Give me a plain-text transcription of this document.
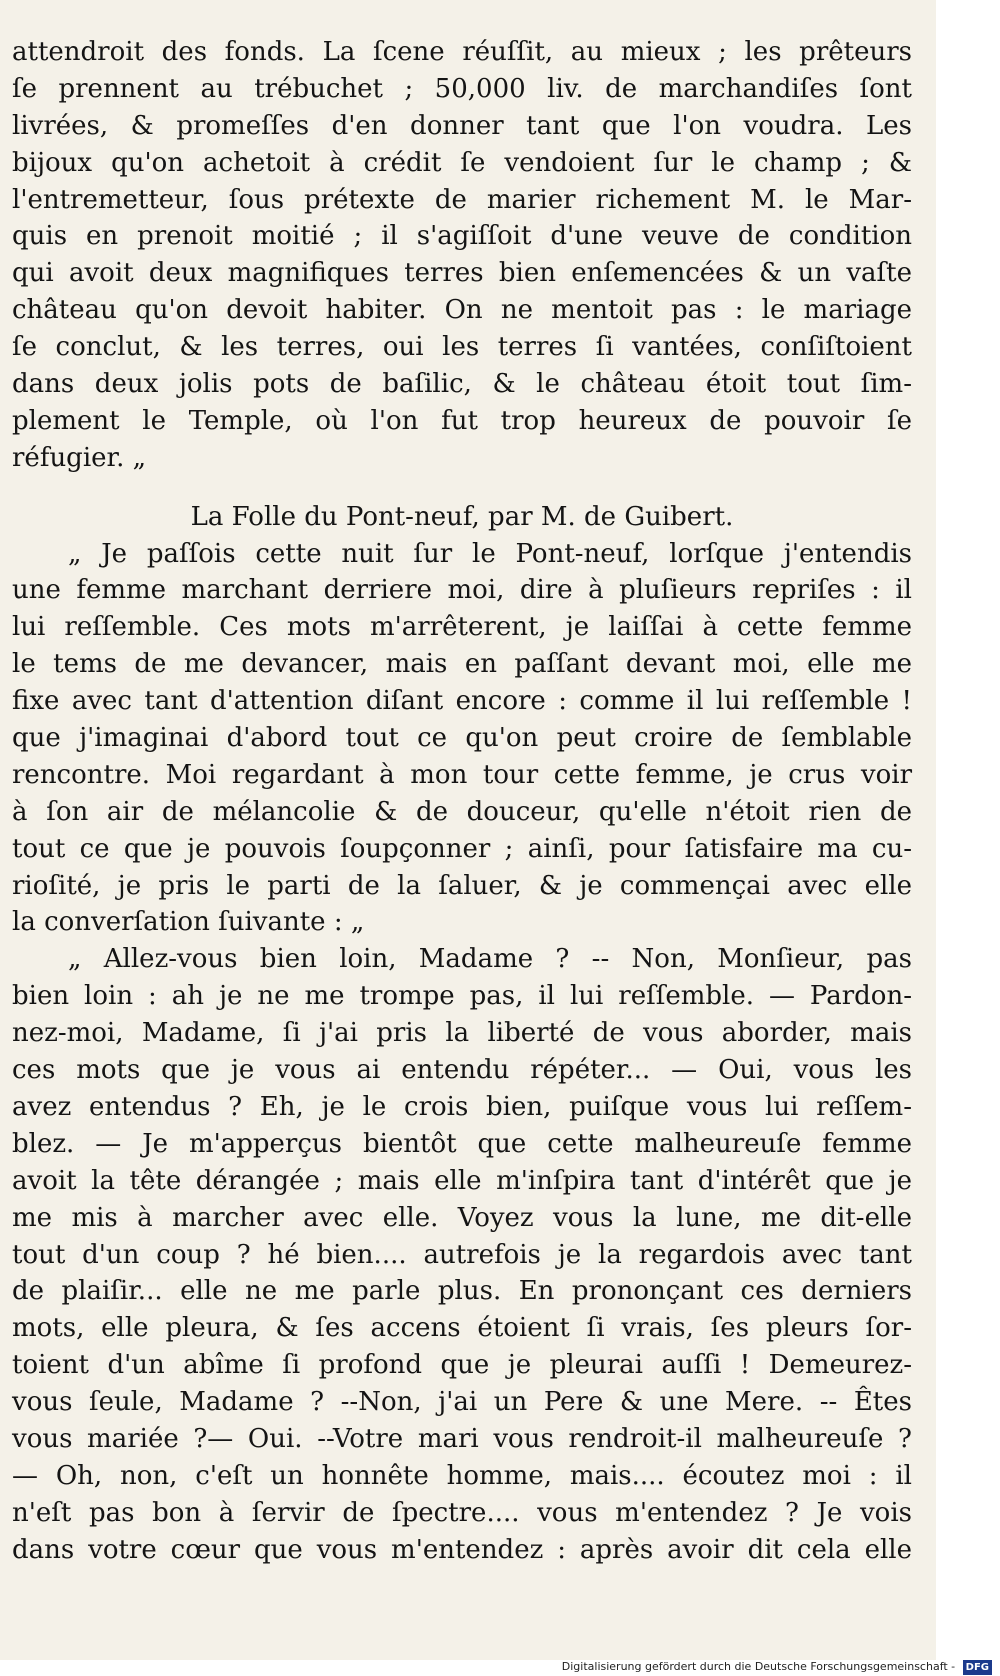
attendroit des fonds. La ſcene réuſſit, au mieux ; les prêteurs
ſe prennent au trébuchet ; 50,000 liv. de marchandiſes ſont
livrées, & promeſſes d'en donner tant que l'on voudra. Les
bijoux qu'on achetoit à crédit ſe vendoient ſur le champ ; &
l'entremetteur, ſous prétexte de marier richement M. le Mar-
quis en prenoit moitié ; il s'agiſſoit d'une veuve de condition
qui avoit deux magnifiques terres bien enſemencées & un vaſte
château qu'on devoit habiter. On ne mentoit pas : le mariage
ſe conclut, & les terres, oui les terres ſi vantées, conſiſtoient
dans deux jolis pots de baſilic, & le château étoit tout ſim-
plement le Temple, où l'on fut trop heureux de pouvoir ſe
réfugier. „
La Folle du Pont-neuf, par M. de Guibert.
„ Je paſſois cette nuit ſur le Pont-neuf, lorſque j'entendis
une femme marchant derriere moi, dire à pluſieurs repriſes : il
lui reſſemble. Ces mots m'arrêterent, je laiſſai à cette femme
le tems de me devancer, mais en paſſant devant moi, elle me
fixe avec tant d'attention diſant encore : comme il lui reſſemble !
que j'imaginai d'abord tout ce qu'on peut croire de ſemblable
rencontre. Moi regardant à mon tour cette femme, je crus voir
à ſon air de mélancolie & de douceur, qu'elle n'étoit rien de
tout ce que je pouvois ſoupçonner ; ainſi, pour ſatisfaire ma cu-
rioſité, je pris le parti de la ſaluer, & je commençai avec elle
la converſation ſuivante : „
„ Allez-vous bien loin, Madame ? -- Non, Monſieur, pas
bien loin : ah je ne me trompe pas, il lui reſſemble. — Pardon-
nez-moi, Madame, ſi j'ai pris la liberté de vous aborder, mais
ces mots que je vous ai entendu répéter... — Oui, vous les
avez entendus ? Eh, je le crois bien, puiſque vous lui reſſem-
blez. — Je m'apperçus bientôt que cette malheureuſe femme
avoit la tête dérangée ; mais elle m'inſpira tant d'intérêt que je
me mis à marcher avec elle. Voyez vous la lune, me dit-elle
tout d'un coup ? hé bien.... autrefois je la regardois avec tant
de plaiſir... elle ne me parle plus. En prononçant ces derniers
mots, elle pleura, & ſes accens étoient ſi vrais, ſes pleurs ſor-
toient d'un abîme ſi profond que je pleurai auſſi ! Demeurez-
vous ſeule, Madame ? --Non, j'ai un Pere & une Mere. -- Êtes
vous mariée ?— Oui. --Votre mari vous rendroit-il malheureuſe ?
— Oh, non, c'eſt un honnête homme, mais.... écoutez moi : il
n'eſt pas bon à ſervir de ſpectre.... vous m'entendez ? Je vois
dans votre cœur que vous m'entendez : après avoir dit cela elle
Digitalisierung gefördert durch die Deutsche Forschungsgemeinschaft - DFG
